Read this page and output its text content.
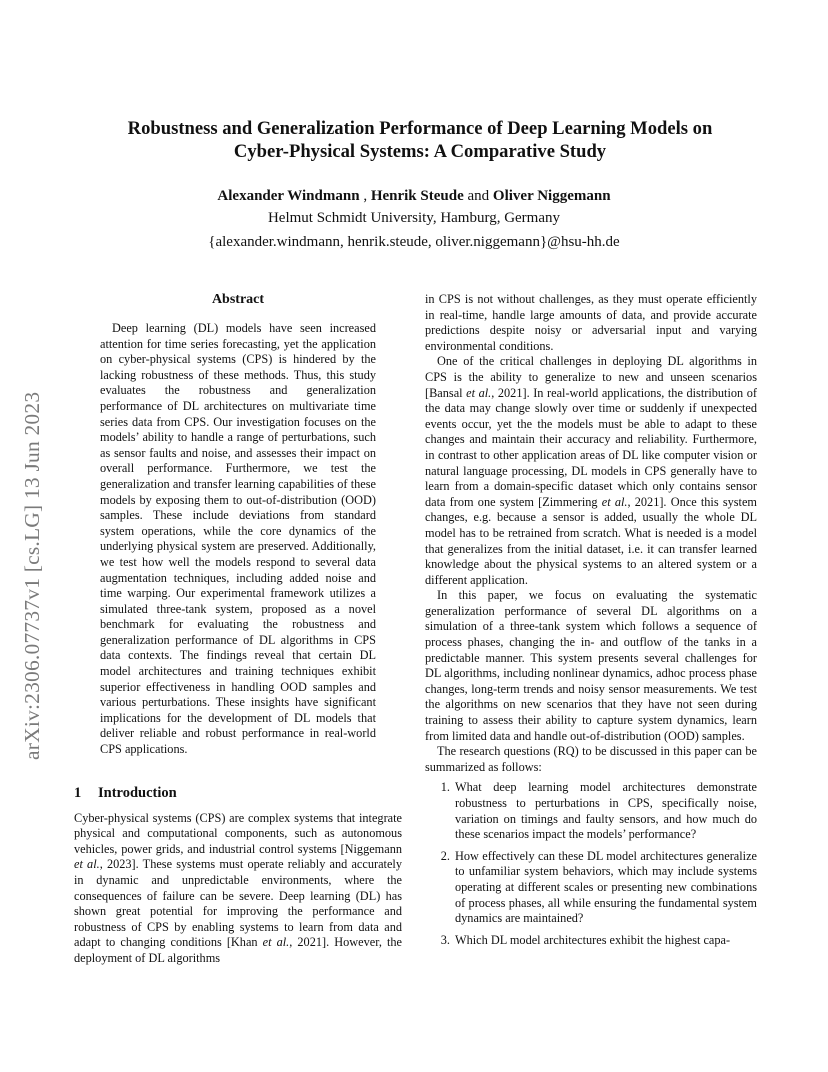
arXiv:2306.07737v1 [cs.LG] 13 Jun 2023
Robustness and Generalization Performance of Deep Learning Models on
Cyber-Physical Systems: A Comparative Study
Alexander Windmann , Henrik Steude and Oliver Niggemann
Helmut Schmidt University, Hamburg, Germany
{alexander.windmann, henrik.steude, oliver.niggemann}@hsu-hh.de
Abstract

Deep learning (DL) models have seen increased attention for time series forecasting, yet the application on cyber-physical systems (CPS) is hindered by the lacking robustness of these methods. Thus, this study evaluates the robustness and generalization performance of DL architectures on multivariate time series data from CPS. Our investigation focuses on the models’ ability to handle a range of perturbations, such as sensor faults and noise, and assesses their impact on overall performance. Furthermore, we test the generalization and transfer learning capabilities of these models by exposing them to out-of-distribution (OOD) samples. These include deviations from standard system operations, while the core dynamics of the underlying physical system are preserved. Additionally, we test how well the models respond to several data augmentation techniques, including added noise and time warping. Our experimental framework utilizes a simulated three-tank system, proposed as a novel benchmark for evaluating the robustness and generalization performance of DL algorithms in CPS data contexts. The findings reveal that certain DL model architectures and training techniques exhibit superior effectiveness in handling OOD samples and various perturbations. These insights have significant implications for the development of DL models that deliver reliable and robust performance in real-world CPS applications.

1 Introduction

Cyber-physical systems (CPS) are complex systems that integrate physical and computational components, such as autonomous vehicles, power grids, and industrial control systems [Niggemann et al., 2023]. These systems must operate reliably and accurately in dynamic and unpredictable environments, where the consequences of failure can be severe. Deep learning (DL) has shown great potential for improving the performance and robustness of CPS by enabling systems to learn from data and adapt to changing conditions [Khan et al., 2021]. However, the deployment of DL algorithms

in CPS is not without challenges, as they must operate efficiently in real-time, handle large amounts of data, and provide accurate predictions despite noisy or adversarial input and varying environmental conditions.

One of the critical challenges in deploying DL algorithms in CPS is the ability to generalize to new and unseen scenarios [Bansal et al., 2021]. In real-world applications, the distribution of the data may change slowly over time or suddenly if unexpected events occur, yet the the models must be able to adapt to these changes and maintain their accuracy and reliability. Furthermore, in contrast to other application areas of DL like computer vision or natural language processing, DL models in CPS generally have to learn from a domain-specific dataset which only contains sensor data from one system [Zimmering et al., 2021]. Once this system changes, e.g. because a sensor is added, usually the whole DL model has to be retrained from scratch. What is needed is a model that generalizes from the initial dataset, i.e. it can transfer learned knowledge about the physical systems to an altered system or a different application.

In this paper, we focus on evaluating the systematic generalization performance of several DL algorithms on a simulation of a three-tank system which follows a sequence of process phases, changing the in- and outflow of the tanks in a predictable manner. This system presents several challenges for DL algorithms, including nonlinear dynamics, adhoc process phase changes, long-term trends and noisy sensor measurements. We test the algorithms on new scenarios that they have not seen during training to assess their ability to capture system dynamics, learn from limited data and handle out-of-distribution (OOD) samples.

The research questions (RQ) to be discussed in this paper can be summarized as follows:

1. What deep learning model architectures demonstrate robustness to perturbations in CPS, specifically noise, variation on timings and faulty sensors, and how much do these scenarios impact the models’ performance?
2. How effectively can these DL model architectures generalize to unfamiliar system behaviors, which may include systems operating at different scales or presenting new combinations of process phases, all while ensuring the fundamental system dynamics are maintained?
3. Which DL model architectures exhibit the highest capa-
